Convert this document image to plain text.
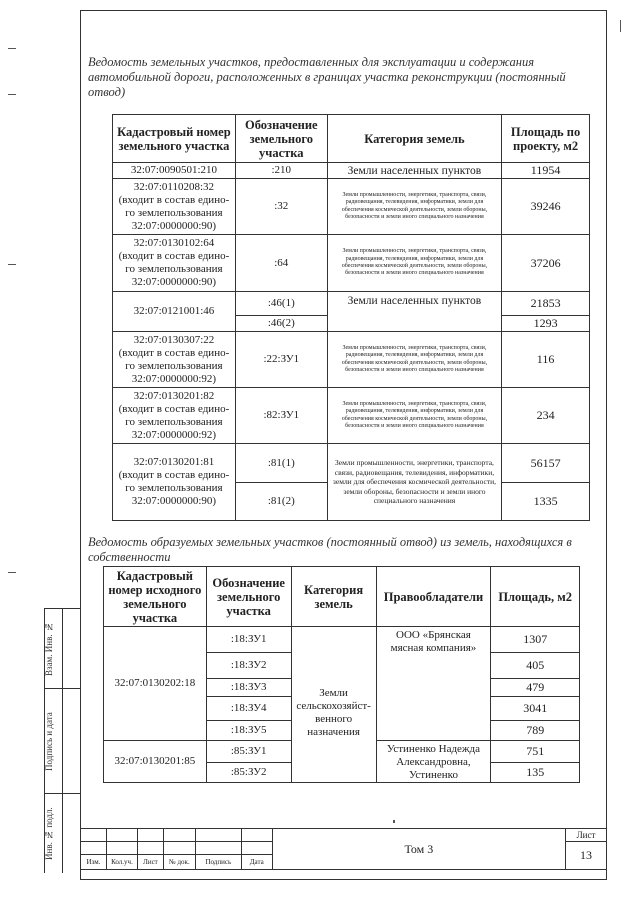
Взам. Инв. №
Подпись и дата
Инв. № подл.
Ведомость земельных участков, предоставленных для эксплуатации и содержания автомобильной дороги, расположенных в границах участка реконструкции (постоянный отвод)
Кадастровый номер земельного участка	Обозначение земельного участка	Категория земель	Площадь по проекту, м2
32:07:0090501:210	:210	Земли населенных пунктов	11954
32:07:0110208:32 (входит в состав едино-го землепользования 32:07:0000000:90)	:32	Земли промышленности, энергетики, транспорта, связи, радиовещания, телевидения, информатики, земли для обеспечения космической деятельности, земли обороны, безопасности и земли иного специального назначения	39246
32:07:0130102:64 (входит в состав едино-го землепользования 32:07:0000000:90)	:64	Земли промышленности, энергетики, транспорта, связи, радиовещания, телевидения, информатики, земли для обеспечения космической деятельности, земли обороны, безопасности и земли иного специального назначения	37206
32:07:0121001:46	:46(1)	Земли населенных пунктов	21853
	:46(2)		1293
32:07:0130307:22 (входит в состав едино-го землепользования 32:07:0000000:92)	:22:ЗУ1	Земли промышленности, энергетики, транспорта, связи, радиовещания, телевидения, информатики, земли для обеспечения космической деятельности, земли обороны, безопасности и земли иного специального назначения	116
32:07:0130201:82 (входит в состав едино-го землепользования 32:07:0000000:92)	:82:ЗУ1	Земли промышленности, энергетики, транспорта, связи, радиовещания, телевидения, информатики, земли для обеспечения космической деятельности, земли обороны, безопасности и земли иного специального назначения	234
32:07:0130201:81 (входит в состав едино-го землепользования 32:07:0000000:90)	:81(1)	Земли промышленности, энергетики, транспорта, связи, радиовещания, телевидения, информатики, земли для обеспечения космической деятельности, земли обороны, безопасности и земли иного специального назначения	56157
	:81(2)		1335
Ведомость образуемых земельных участков (постоянный отвод) из земель, находящихся в собственности
Кадастровый номер исходного земельного участка	Обозначение земельного участка	Категория земель	Правообладатели	Площадь, м2
32:07:0130202:18	:18:ЗУ1	Земли сельскохозяйст-венного назначения	ООО «Брянская мясная компания»	1307
	:18:ЗУ2			405
	:18:ЗУ3			479
	:18:ЗУ4			3041
	:18:ЗУ5			789
32:07:0130201:85	:85:ЗУ1		Устиненко Надежда Александровна, Устиненко	751
	:85:ЗУ2			135
						Том 3	Лист
							13
Изм.	Кол.уч.	Лист	№ док.	Подпись	Дата		
